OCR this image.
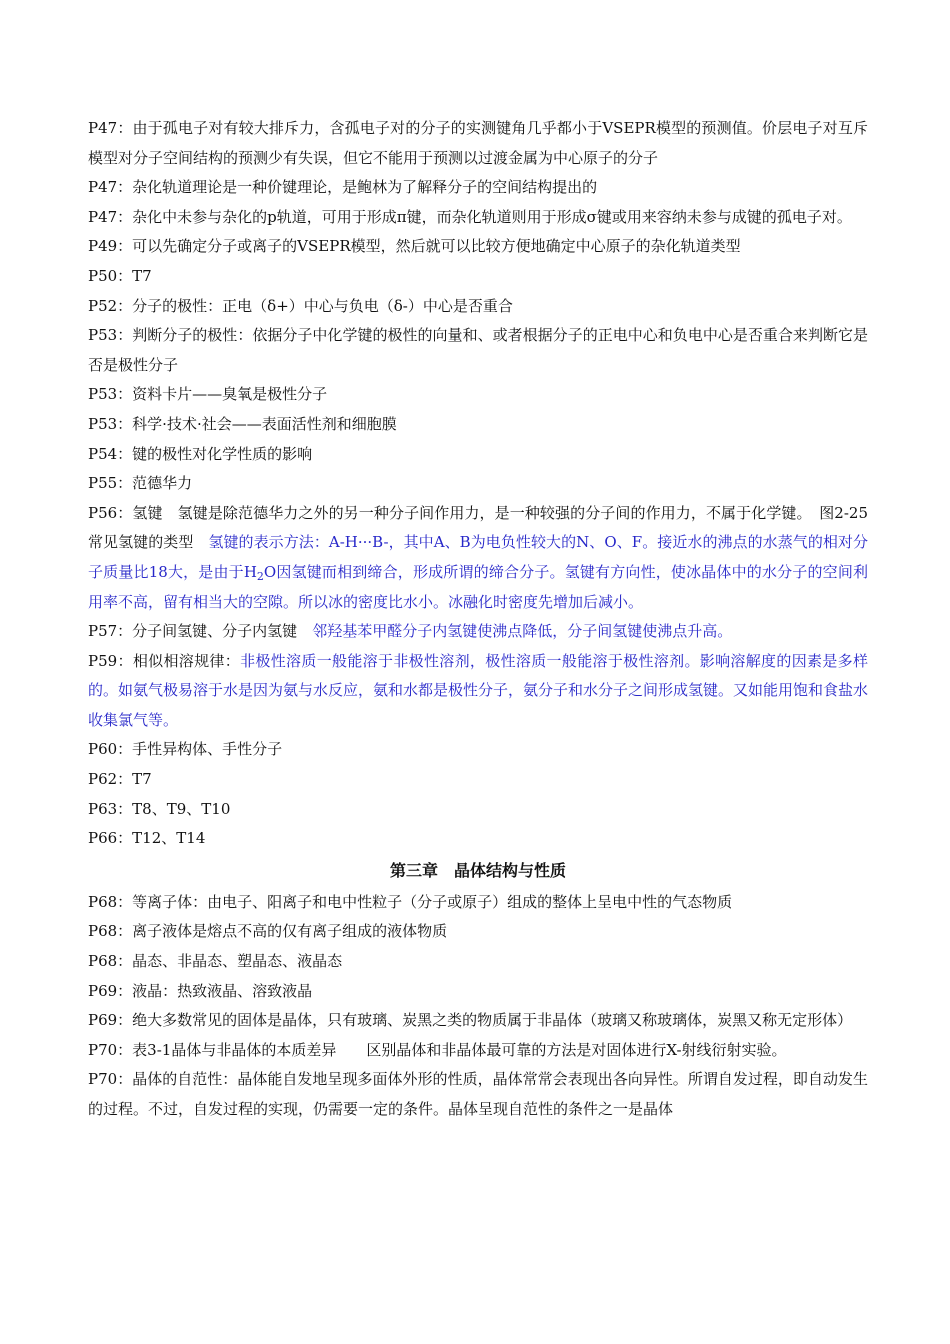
P47：由于孤电子对有较大排斥力，含孤电子对的分子的实测键角几乎都小于VSEPR模型的预测值。价层电子对互斥模型对分子空间结构的预测少有失误，但它不能用于预测以过渡金属为中心原子的分子

P47：杂化轨道理论是一种价键理论，是鲍林为了解释分子的空间结构提出的

P47：杂化中未参与杂化的p轨道，可用于形成π键，而杂化轨道则用于形成σ键或用来容纳未参与成键的孤电子对。

P49：可以先确定分子或离子的VSEPR模型，然后就可以比较方便地确定中心原子的杂化轨道类型

P50：T7

P52：分子的极性：正电（δ+）中心与负电（δ-）中心是否重合

P53：判断分子的极性：依据分子中化学键的极性的向量和、或者根据分子的正电中心和负电中心是否重合来判断它是否是极性分子

P53：资料卡片——臭氧是极性分子

P53：科学·技术·社会——表面活性剂和细胞膜

P54：键的极性对化学性质的影响

P55：范德华力

P56：氢键　氢键是除范德华力之外的另一种分子间作用力，是一种较强的分子间的作用力，不属于化学键。　图2-25常见氢键的类型　氢键的表示方法：A-H···B-，其中A、B为电负性较大的N、O、F。接近水的沸点的水蒸气的相对分子质量比18大，是由于$H_2O$因氢键而相到缔合，形成所谓的缔合分子。氢键有方向性，使冰晶体中的水分子的空间利用率不高，留有相当大的空隙。所以冰的密度比水小。冰融化时密度先增加后减小。

P57：分子间氢键、分子内氢键　邻羟基苯甲醛分子内氢键使沸点降低，分子间氢键使沸点升高。

P59：相似相溶规律：非极性溶质一般能溶于非极性溶剂，极性溶质一般能溶于极性溶剂。影响溶解度的因素是多样的。如氨气极易溶于水是因为氨与水反应，氨和水都是极性分子，氨分子和水分子之间形成氢键。又如能用饱和食盐水收集氯气等。

P60：手性异构体、手性分子

P62：T7

P63：T8、T9、T10

P66：T12、T14

第三章　晶体结构与性质

P68：等离子体：由电子、阳离子和电中性粒子（分子或原子）组成的整体上呈电中性的气态物质

P68：离子液体是熔点不高的仅有离子组成的液体物质

P68：晶态、非晶态、塑晶态、液晶态

P69：液晶：热致液晶、溶致液晶

P69：绝大多数常见的固体是晶体，只有玻璃、炭黑之类的物质属于非晶体（玻璃又称玻璃体，炭黑又称无定形体）

P70：表3-1晶体与非晶体的本质差异　　区别晶体和非晶体最可靠的方法是对固体进行X-射线衍射实验。

P70：晶体的自范性：晶体能自发地呈现多面体外形的性质，晶体常常会表现出各向异性。所谓自发过程，即自动发生的过程。不过，自发过程的实现，仍需要一定的条件。晶体呈现自范性的条件之一是晶体
